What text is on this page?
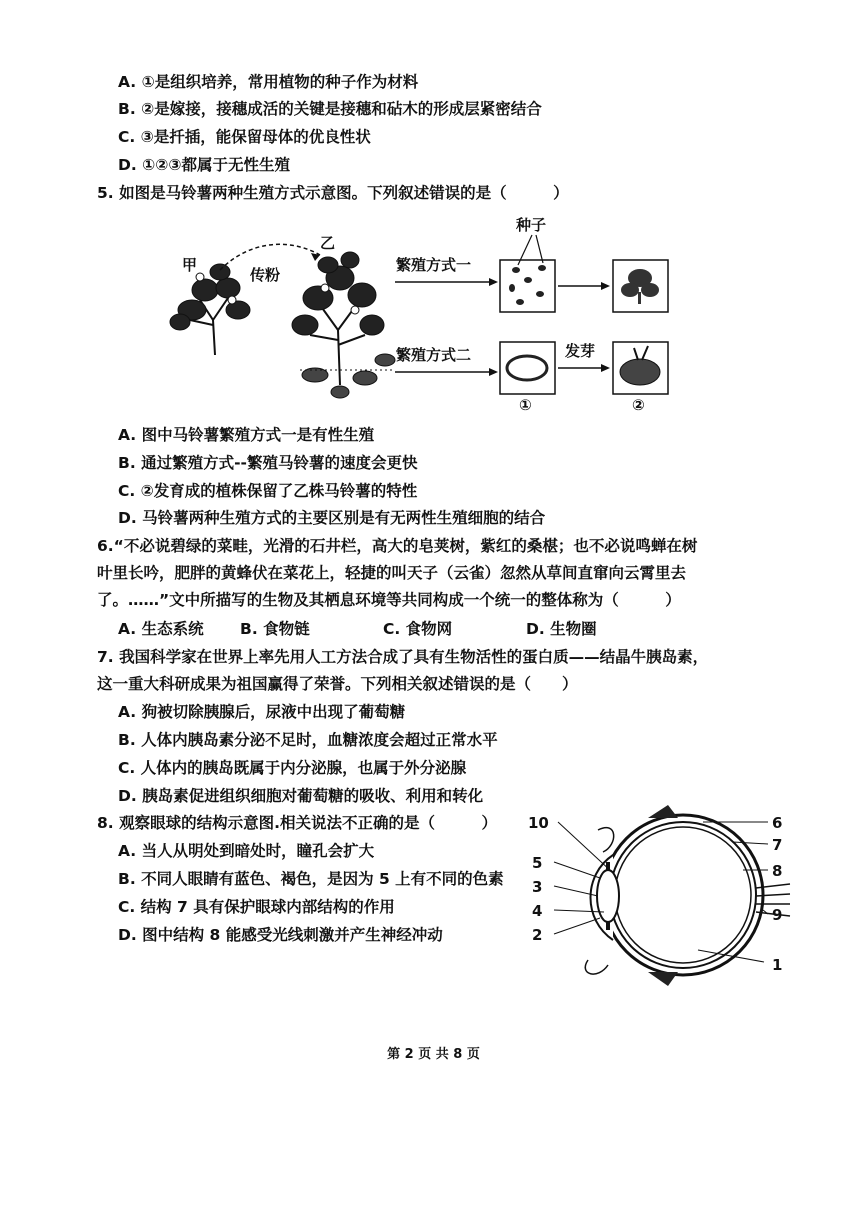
A. ①是组织培养，常用植物的种子作为材料
B. ②是嫁接，接穗成活的关键是接穗和砧木的形成层紧密结合
C. ③是扦插，能保留母体的优良性状
D. ①②③都属于无性生殖
5. 如图是马铃薯两种生殖方式示意图。下列叙述错误的是（　　　）
甲
乙
传粉
繁殖方式一
繁殖方式二
种子
发芽
①	②
A. 图中马铃薯繁殖方式一是有性生殖
B. 通过繁殖方式--繁殖马铃薯的速度会更快
C. ②发育成的植株保留了乙株马铃薯的特性
D. 马铃薯两种生殖方式的主要区别是有无两性生殖细胞的结合
6.“不必说碧绿的菜畦，光滑的石井栏，高大的皂荚树，紫红的桑椹；也不必说鸣蝉在树
叶里长吟，肥胖的黄蜂伏在菜花上，轻捷的叫天子（云雀）忽然从草间直窜向云霄里去
了。……”文中所描写的生物及其栖息环境等共同构成一个统一的整体称为（　　　）
A. 生态系统 B. 食物链	C. 食物网	D. 生物圈
7. 我国科学家在世界上率先用人工方法合成了具有生物活性的蛋白质——结晶牛胰岛素，
这一重大科研成果为祖国赢得了荣誉。下列相关叙述错误的是（　　）
A. 狗被切除胰腺后，尿液中出现了葡萄糖
B. 人体内胰岛素分泌不足时，血糖浓度会超过正常水平
C. 人体内的胰岛既属于内分泌腺，也属于外分泌腺
D. 胰岛素促进组织细胞对葡萄糖的吸收、利用和转化
8. 观察眼球的结构示意图.相关说法不正确的是（　　　）
A. 当人从明处到暗处时，瞳孔会扩大
B. 不同人眼睛有蓝色、褐色，是因为 5 上有不同的色素
C. 结构 7 具有保护眼球内部结构的作用
D. 图中结构 8 能感受光线刺激并产生神经冲动
10
5
3
4
2
6
7
8
9
1
第 2 页 共 8 页
